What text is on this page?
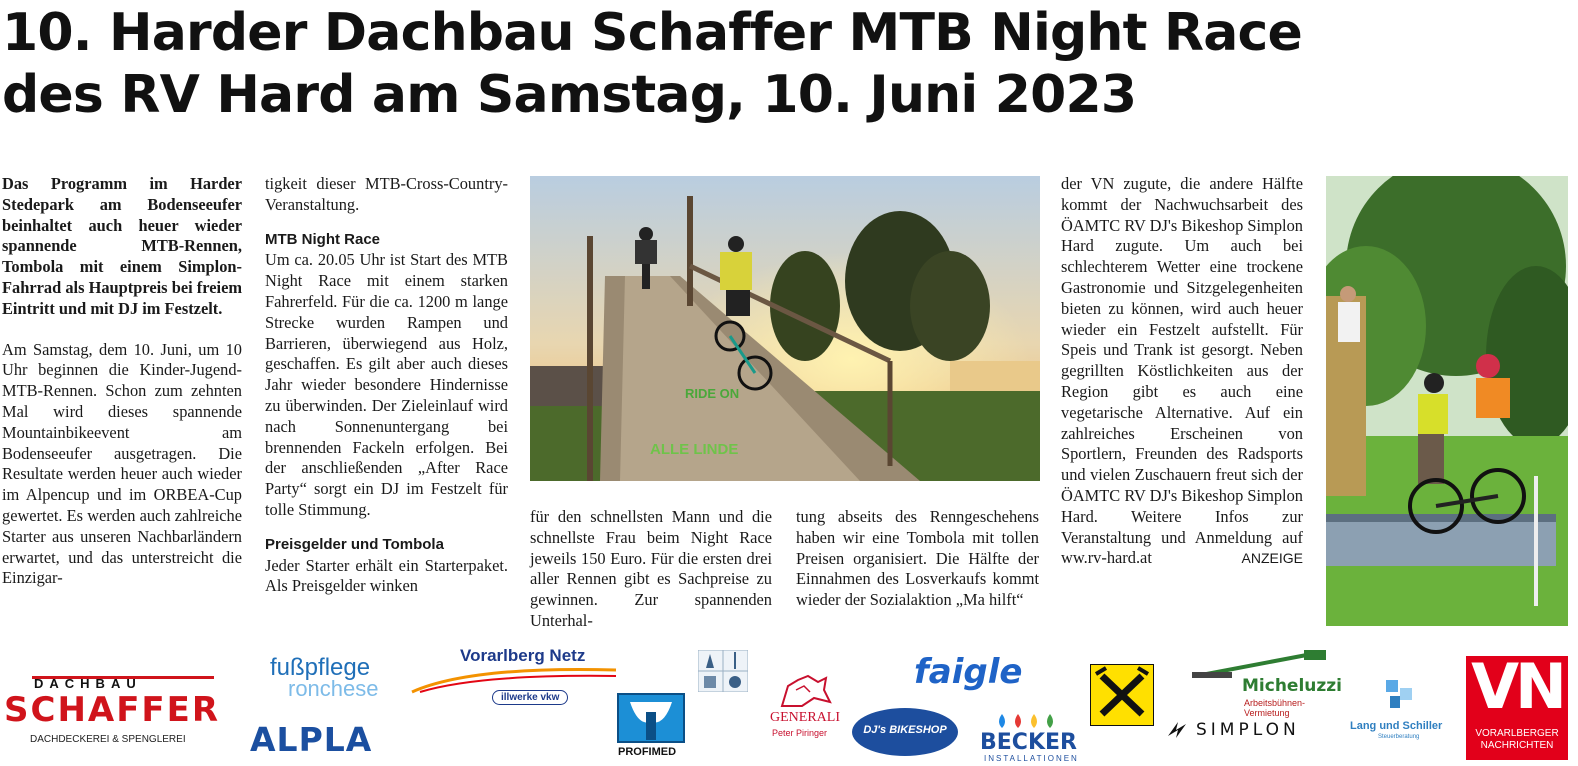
10. Harder Dachbau Schaffer MTB Night Race
des RV Hard am Samstag, 10. Juni 2023

Das Programm im Harder Stedepark am Bodenseeufer beinhaltet auch heuer wieder spannende MTB-Rennen, Tombola mit einem Simplon-Fahrrad als Hauptpreis bei freiem Eintritt und mit DJ im Festzelt.

Am Samstag, dem 10. Juni, um 10 Uhr beginnen die Kinder-Jugend-MTB-Rennen. Schon zum zehnten Mal wird dieses spannende Mountainbikeevent am Bodenseeufer ausgetragen. Die Resultate werden heuer auch wieder im Alpencup und im ORBEA-Cup gewertet. Es werden auch zahlreiche Starter aus unseren Nachbarländern erwartet, und das unterstreicht die Einzigar-

tigkeit dieser MTB-Cross-Country-Veranstaltung.

MTB Night Race

Um ca. 20.05 Uhr ist Start des MTB Night Race mit einem starken Fahrerfeld. Für die ca. 1200 m lange Strecke wurden Rampen und Barrieren, überwiegend aus Holz, geschaffen. Es gilt aber auch dieses Jahr wieder besondere Hindernisse zu überwinden. Der Zieleinlauf wird nach Sonnenuntergang bei brennenden Fackeln erfolgen. Bei der anschließenden „After Race Party“ sorgt ein DJ im Festzelt für tolle Stimmung.

Preisgelder und Tombola

Jeder Starter erhält ein Starterpaket. Als Preisgelder winken

RIDE ON
ALLE LINDE

für den schnellsten Mann und die schnellste Frau beim Night Race jeweils 150 Euro. Für die ersten drei aller Rennen gibt es Sachpreise zu gewinnen. Zur spannenden Unterhal-

tung abseits des Renngeschehens haben wir eine Tombola mit tollen Preisen organisiert. Die Hälfte der Einnahmen des Losverkaufs kommt wieder der Sozialaktion „Ma hilft“

der VN zugute, die andere Hälfte kommt der Nachwuchsarbeit des ÖAMTC RV DJ's Bikeshop Simplon Hard zugute. Um auch bei schlechterem Wetter eine trockene Gastronomie und Sitzgelegenheiten bieten zu können, wird auch heuer wieder ein Festzelt aufstellt. Für Speis und Trank ist gesorgt. Neben gegrillten Köstlichkeiten aus der Region gibt es auch eine vegetarische Alternative. Auf ein zahlreiches Erscheinen von Sportlern, Freunden des Radsports und vielen Zuschauern freut sich der ÖAMTC RV DJ's Bikeshop Simplon Hard. Weitere Infos zur Veranstaltung und Anmeldung auf ww.rv-hard.at	ANZEIGE

DACHBAU
SCHAFFER
DACHDECKEREI & SPENGLEREI
fußpflege
ronchese
ALPLA
Vorarlberg Netz
illwerke vkw
PROFIMED
GENERALI
Peter Piringer
faigle
DJ's BIKESHOP	BECKER
INSTALLATIONEN
Micheluzzi
Arbeitsbühnen-Vermietung
SIMPLON	Lang und Schiller
Steuerberatung
VN
VORARLBERGER
NACHRICHTEN
